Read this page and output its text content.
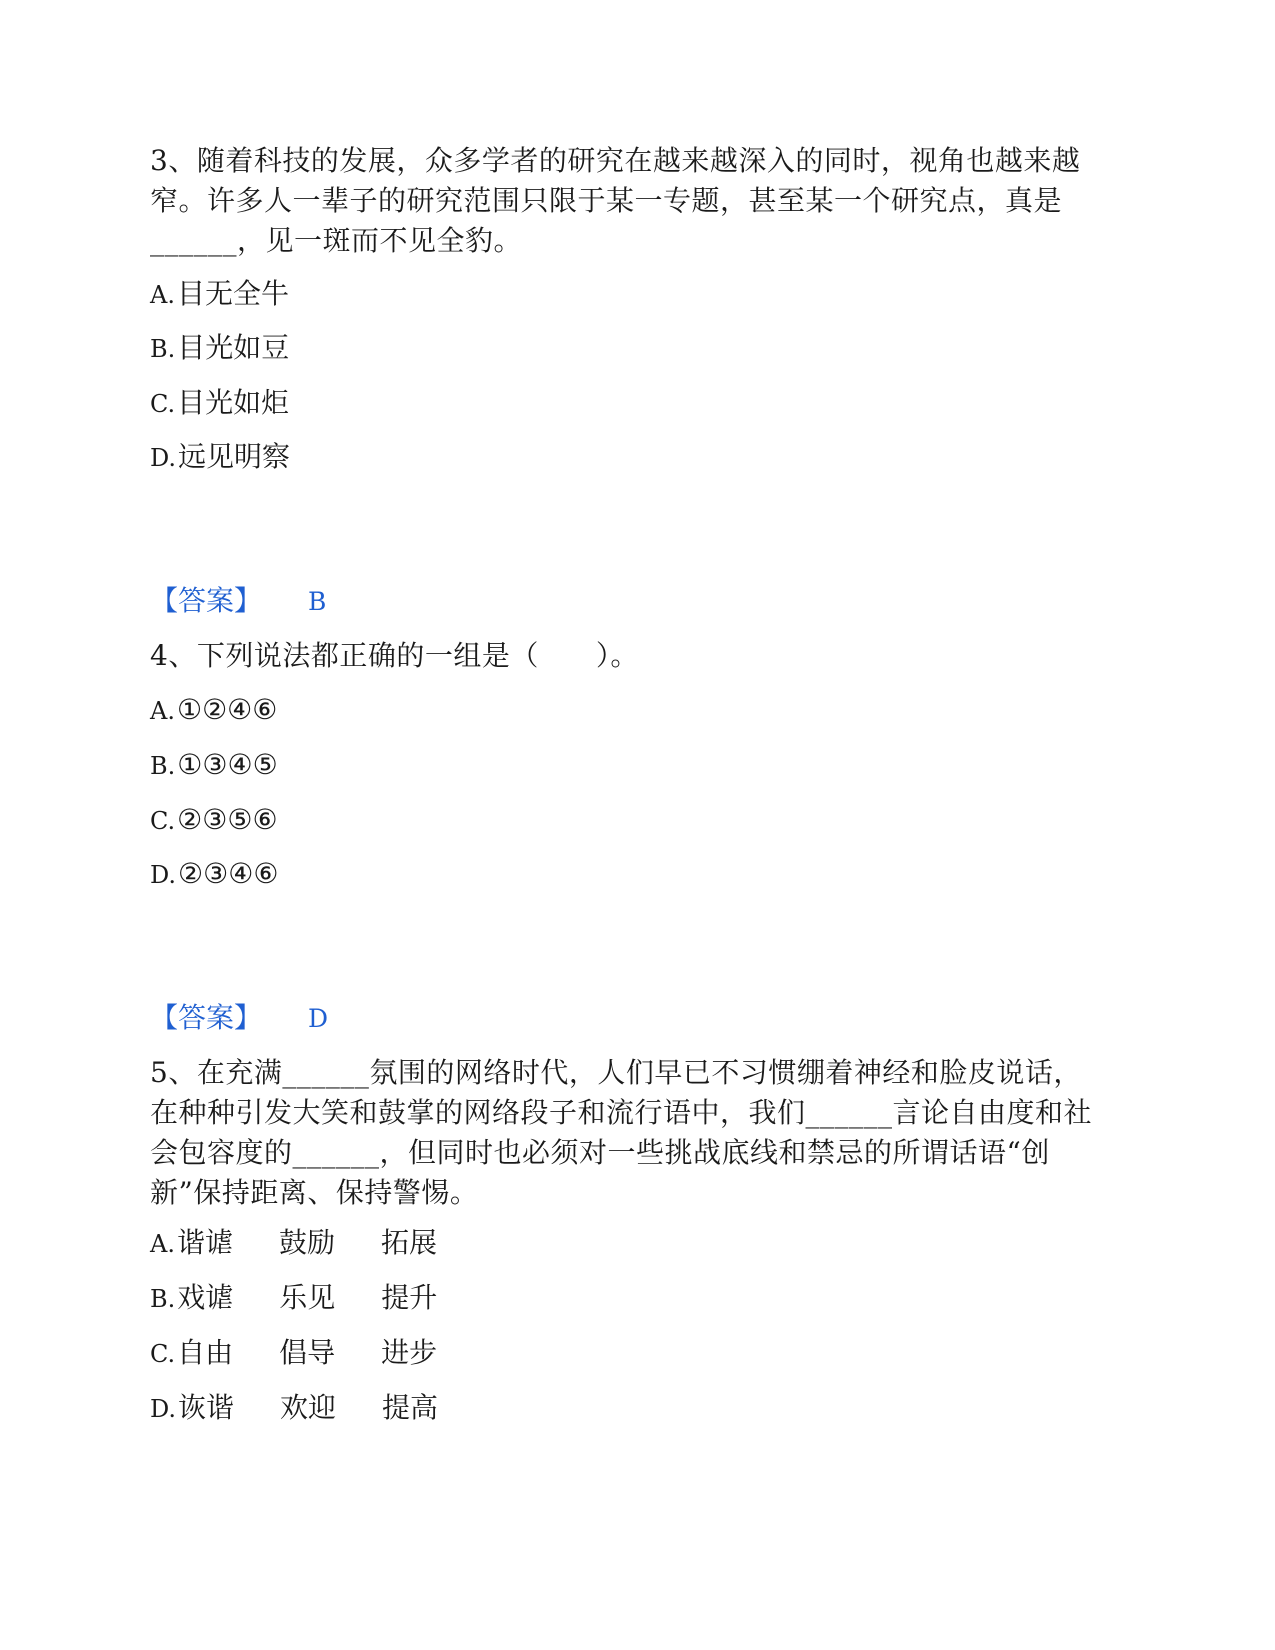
3、随着科技的发展，众多学者的研究在越来越深入的同时，视角也越来越窄。许多人一辈子的研究范围只限于某一专题，甚至某一个研究点，真是______，见一斑而不见全豹。
A.目无全牛
B.目光如豆
C.目光如炬
D.远见明察
【答案】 B
4、下列说法都正确的一组是（　　）。
A.①②④⑥
B.①③④⑤
C.②③⑤⑥
D.②③④⑥
【答案】 D
5、在充满______氛围的网络时代，人们早已不习惯绷着神经和脸皮说话，在种种引发大笑和鼓掌的网络段子和流行语中，我们______言论自由度和社会包容度的______，但同时也必须对一些挑战底线和禁忌的所谓话语“创新”保持距离、保持警惕。
A.谐谑 鼓励 拓展
B.戏谑 乐见 提升
C.自由 倡导 进步
D.诙谐 欢迎 提高
